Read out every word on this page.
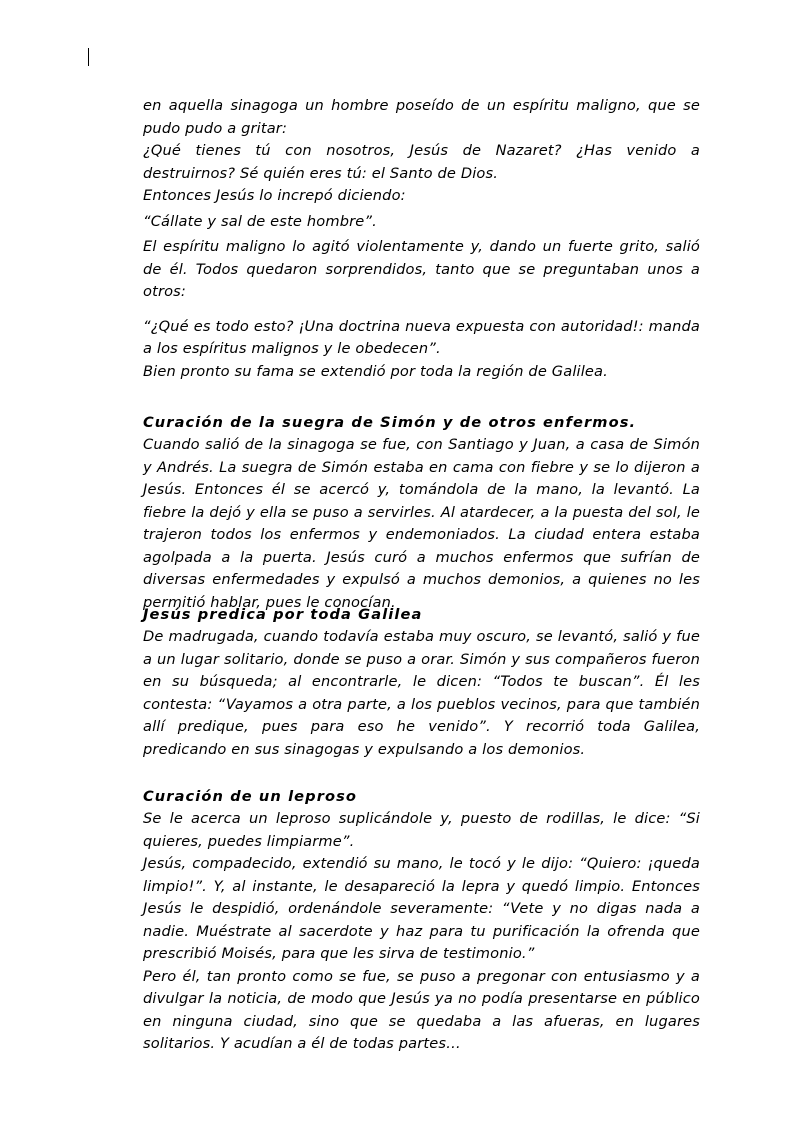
en aquella sinagoga un hombre poseído de un espíritu maligno, que se pudo pudo a gritar:

¿Qué tienes tú con nosotros, Jesús de Nazaret? ¿Has venido a destruirnos? Sé quién eres tú: el Santo de Dios.

Entonces Jesús lo increpó diciendo:

“Cállate y sal de este hombre”.

El espíritu maligno lo agitó violentamente y, dando un fuerte grito, salió de él. Todos quedaron sorprendidos, tanto que se preguntaban unos a otros:

“¿Qué es todo esto? ¡Una doctrina nueva expuesta con autoridad!: manda a los espíritus malignos y le obedecen”.

Bien pronto su fama se extendió por toda la región de Galilea.

Curación de la suegra de Simón y de otros enfermos.

Cuando salió de la sinagoga se fue, con Santiago y Juan, a casa de Simón y Andrés. La suegra de Simón estaba en cama con fiebre y se lo dijeron a Jesús. Entonces él se acercó y, tomándola de la mano, la levantó. La fiebre la dejó y ella se puso a servirles. Al atardecer, a la puesta del sol, le trajeron todos los enfermos y endemoniados. La ciudad entera estaba agolpada a la puerta. Jesús curó a muchos enfermos que sufrían de diversas enfermedades y expulsó a muchos demonios, a quienes no les permitió hablar, pues le conocían.

Jesús predica por toda Galilea

De madrugada, cuando todavía estaba muy oscuro, se levantó, salió y fue a un lugar solitario, donde se puso a orar. Simón y sus compañeros fueron en su búsqueda; al encontrarle, le dicen: “Todos te buscan”. Él les contesta: “Vayamos a otra parte, a los pueblos vecinos, para que también allí predique, pues para eso he venido”. Y recorrió toda Galilea, predicando en sus sinagogas y expulsando a los demonios.

Curación de un leproso

Se le acerca un leproso suplicándole y, puesto de rodillas, le dice: “Si quieres, puedes limpiarme”.

Jesús, compadecido, extendió su mano, le tocó y le dijo: “Quiero: ¡queda limpio!”. Y, al instante, le desapareció la lepra y quedó limpio. Entonces Jesús le despidió, ordenándole severamente: “Vete y no digas nada a nadie. Muéstrate al sacerdote y haz para tu purificación la ofrenda que prescribió Moisés, para que les sirva de testimonio.”

Pero él, tan pronto como se fue, se puso a pregonar con entusiasmo y a divulgar la noticia, de modo que Jesús ya no podía presentarse en público en ninguna ciudad, sino que se quedaba a las afueras, en lugares solitarios. Y acudían a él de todas partes…
